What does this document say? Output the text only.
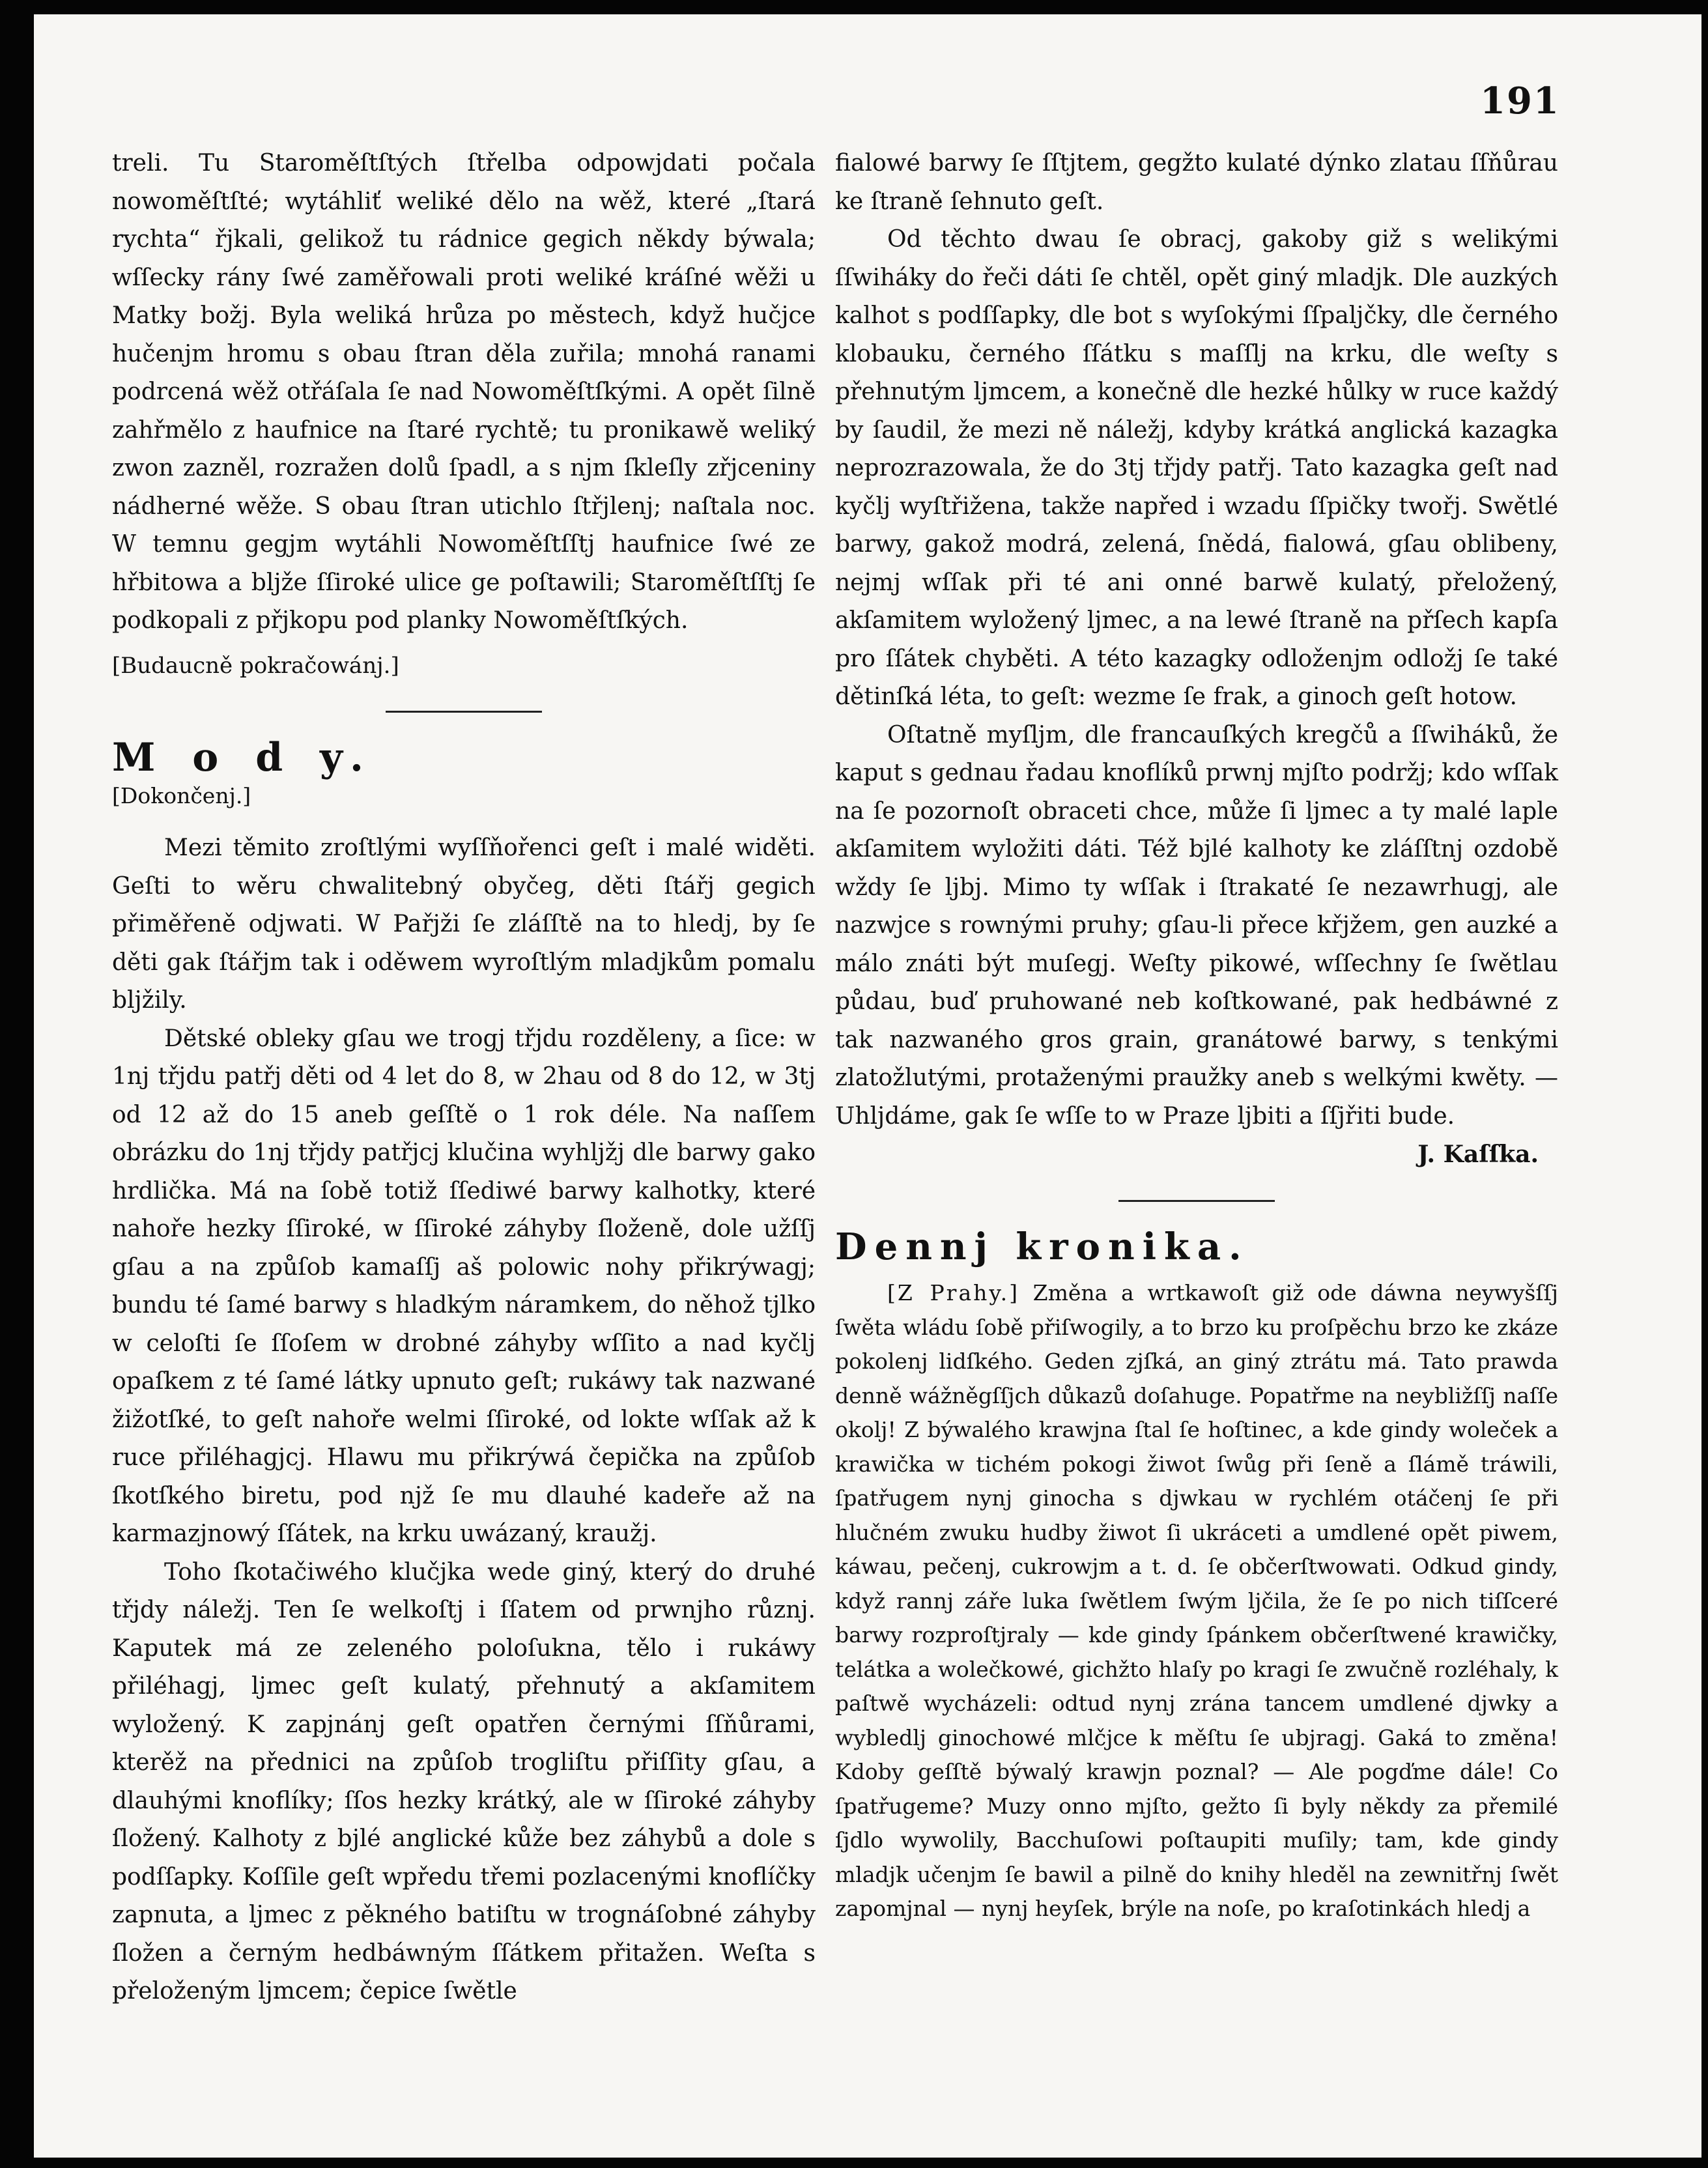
191

treli. Tu Staroměſtſtých ſtřelba odpowjdati počala nowoměſtſté; wytáhliť weliké dělo na wěž, které „ſtará rychta“ řjkali, gelikož tu rádnice gegich někdy býwala; wſſecky rány ſwé zaměřowali proti weliké kráſné wěži u Matky božj. Byla weliká hrůza po městech, když hučjce hučenjm hromu s obau ſtran děla zuřila; mnohá ranami podrcená wěž otřáſala ſe nad Nowoměſtſkými. A opět ſilně zahřmělo z haufnice na ſtaré rychtě; tu pronikawě weliký zwon zazněl, rozražen dolů ſpadl, a s njm ſkleſly zřjceniny nádherné wěže. S obau ſtran utichlo ſtřjlenj; naſtala noc. W temnu gegjm wytáhli Nowoměſtſſtj haufnice ſwé ze hřbitowa a bljže ſſiroké ulice ge poſtawili; Staroměſtſſtj ſe podkopali z přjkopu pod planky Nowoměſtſkých.

[Budaucně pokračowánj.]

M o d y.

[Dokončenj.]

Mezi těmito zroſtlými wyſſňořenci geſt i malé widěti. Geſti to wěru chwalitebný obyčeg, děti ſtářj gegich přiměřeně odjwati. W Pařjži ſe zláſſtě na to hledj, by ſe děti gak ſtářjm tak i oděwem wyroſtlým mladjkům pomalu bljžily.

Dětské obleky gſau we trogj třjdu rozděleny, a ſice: w 1nj třjdu patřj děti od 4 let do 8, w 2hau od 8 do 12, w 3tj od 12 až do 15 aneb geſſtě o 1 rok déle. Na naſſem obrázku do 1nj třjdy patřjcj klučina wyhljžj dle barwy gako hrdlička. Má na ſobě totiž ſſediwé barwy kalhotky, které nahoře hezky ſſiroké, w ſſiroké záhyby ſloženě, dole užſſj gſau a na způſob kamaſſj aš polowic nohy přikrýwagj; bundu té ſamé barwy s hladkým náramkem, do něhož tjlko w celoſti ſe ſſoſem w drobné záhyby wſſito a nad kyčlj opaſkem z té ſamé látky upnuto geſt; rukáwy tak nazwané žižotſké, to geſt nahoře welmi ſſiroké, od lokte wſſak až k ruce přiléhagjcj. Hlawu mu přikrýwá čepička na způſob ſkotſkého biretu, pod njž ſe mu dlauhé kadeře až na karmazjnowý ſſátek, na krku uwázaný, kraužj.

Toho ſkotačiwého klučjka wede giný, který do druhé třjdy náležj. Ten ſe welkoſtj i ſſatem od prwnjho různj. Kaputek má ze zeleného poloſukna, tělo i rukáwy přiléhagj, ljmec geſt kulatý, přehnutý a akſamitem wyložený. K zapjnánj geſt opatřen černými ſſňůrami, kterěž na přednici na způſob trogliſtu přiſſity gſau, a dlauhými knoflíky; ſſos hezky krátký, ale w ſſiroké záhyby ſložený. Kalhoty z bjlé anglické kůže bez záhybů a dole s podſſapky. Koſſile geſt wpředu třemi pozlacenými knoflíčky zapnuta, a ljmec z pěkného batiſtu w trognáſobné záhyby ſložen a černým hedbáwným ſſátkem přitažen. Weſta s přeloženým ljmcem; čepice ſwětle

fialowé barwy ſe ſſtjtem, gegžto kulaté dýnko zlatau ſſňůrau ke ſtraně ſehnuto geſt.

Od těchto dwau ſe obracj, gakoby giž s welikými ſſwiháky do řeči dáti ſe chtěl, opět giný mladjk. Dle auzkých kalhot s podſſapky, dle bot s wyſokými ſſpaljčky, dle černého klobauku, černého ſſátku s maſſlj na krku, dle weſty s přehnutým ljmcem, a konečně dle hezké hůlky w ruce každý by ſaudil, že mezi ně náležj, kdyby krátká anglická kazagka neprozrazowala, že do 3tj třjdy patřj. Tato kazagka geſt nad kyčlj wyſtřižena, takže napřed i wzadu ſſpičky twořj. Swětlé barwy, gakož modrá, zelená, ſnědá, fialowá, gſau oblibeny, nejmj wſſak při té ani onné barwě kulatý, přeložený, akſamitem wyložený ljmec, a na lewé ſtraně na přſech kapſa pro ſſátek chyběti. A této kazagky odloženjm odložj ſe také dětinſká léta, to geſt: wezme ſe frak, a ginoch geſt hotow.

Oſtatně myſljm, dle francauſkých kregčů a ſſwiháků, že kaput s gednau řadau knoflíků prwnj mjſto podržj; kdo wſſak na ſe pozornoſt obraceti chce, může ſi ljmec a ty malé laple akſamitem wyložiti dáti. Též bjlé kalhoty ke zláſſtnj ozdobě wždy ſe ljbj. Mimo ty wſſak i ſtrakaté ſe nezawrhugj, ale nazwjce s rownými pruhy; gſau-li přece křjžem, gen auzké a málo znáti být muſegj. Weſty pikowé, wſſechny ſe ſwětlau půdau, buď pruhowané neb koſtkowané, pak hedbáwné z tak nazwaného gros grain, granátowé barwy, s tenkými zlatožlutými, protaženými praužky aneb s welkými kwěty. — Uhljdáme, gak ſe wſſe to w Praze ljbiti a ſſjřiti bude.

J. Kaſſka.

Dennj kronika.

[Z Prahy.] Změna a wrtkawoſt giž ode dáwna neywyšſſj ſwěta wládu ſobě přiſwogily, a to brzo ku proſpěchu brzo ke zkáze pokolenj lidſkého. Geden zjſká, an giný ztrátu má. Tato prawda denně wážněgſſjch důkazů doſahuge. Popatřme na neybližſſj naſſe okolj! Z býwalého krawjna ſtal ſe hoſtinec, a kde gindy woleček a krawička w tichém pokogi žiwot ſwůg při ſeně a ſlámě tráwili, ſpatřugem nynj ginocha s djwkau w rychlém otáčenj ſe při hlučném zwuku hudby žiwot ſi ukráceti a umdlené opět piwem, káwau, pečenj, cukrowjm a t. d. ſe občerſtwowati. Odkud gindy, když rannj záře luka ſwětlem ſwým ljčila, že ſe po nich tiſſceré barwy rozproſtjraly — kde gindy ſpánkem občerſtwené krawičky, telátka a wolečkowé, gichžto hlaſy po kragi ſe zwučně rozléhaly, k paſtwě wycházeli: odtud nynj zrána tancem umdlené djwky a wybledlj ginochowé mlčjce k měſtu ſe ubjragj. Gaká to změna! Kdoby geſſtě býwalý krawjn poznal? — Ale pogďme dále! Co ſpatřugeme? Muzy onno mjſto, gežto ſi byly někdy za přemilé ſjdlo wywolily, Bacchuſowi poſtaupiti muſily; tam, kde gindy mladjk učenjm ſe bawil a pilně do knihy hleděl na zewnitřnj ſwět zapomjnal — nynj heyſek, brýle na noſe, po kraſotinkách hledj a
